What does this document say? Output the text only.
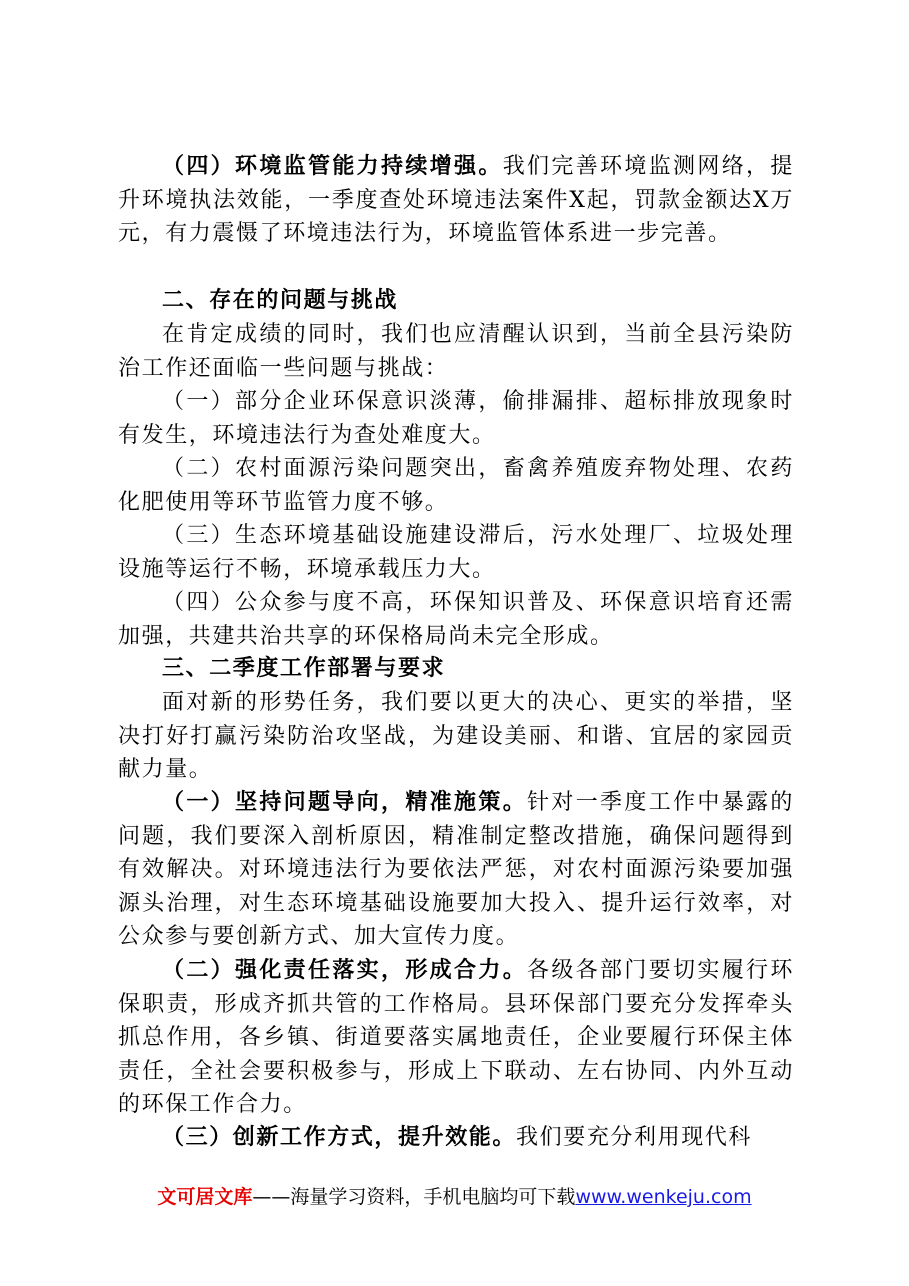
（四）环境监管能力持续增强。我们完善环境监测网络，提升环境执法效能，一季度查处环境违法案件X起，罚款金额达X万元，有力震慑了环境违法行为，环境监管体系进一步完善。

二、存在的问题与挑战

在肯定成绩的同时，我们也应清醒认识到，当前全县污染防治工作还面临一些问题与挑战：

（一）部分企业环保意识淡薄，偷排漏排、超标排放现象时有发生，环境违法行为查处难度大。

（二）农村面源污染问题突出，畜禽养殖废弃物处理、农药化肥使用等环节监管力度不够。

（三）生态环境基础设施建设滞后，污水处理厂、垃圾处理设施等运行不畅，环境承载压力大。

（四）公众参与度不高，环保知识普及、环保意识培育还需加强，共建共治共享的环保格局尚未完全形成。

三、二季度工作部署与要求

面对新的形势任务，我们要以更大的决心、更实的举措，坚决打好打赢污染防治攻坚战，为建设美丽、和谐、宜居的家园贡献力量。

（一）坚持问题导向，精准施策。针对一季度工作中暴露的问题，我们要深入剖析原因，精准制定整改措施，确保问题得到有效解决。对环境违法行为要依法严惩，对农村面源污染要加强源头治理，对生态环境基础设施要加大投入、提升运行效率，对公众参与要创新方式、加大宣传力度。

（二）强化责任落实，形成合力。各级各部门要切实履行环保职责，形成齐抓共管的工作格局。县环保部门要充分发挥牵头抓总作用，各乡镇、街道要落实属地责任，企业要履行环保主体责任，全社会要积极参与，形成上下联动、左右协同、内外互动的环保工作合力。

（三）创新工作方式，提升效能。我们要充分利用现代科

文可居文库——海量学习资料，手机电脑均可下载www.wenkeju.com
